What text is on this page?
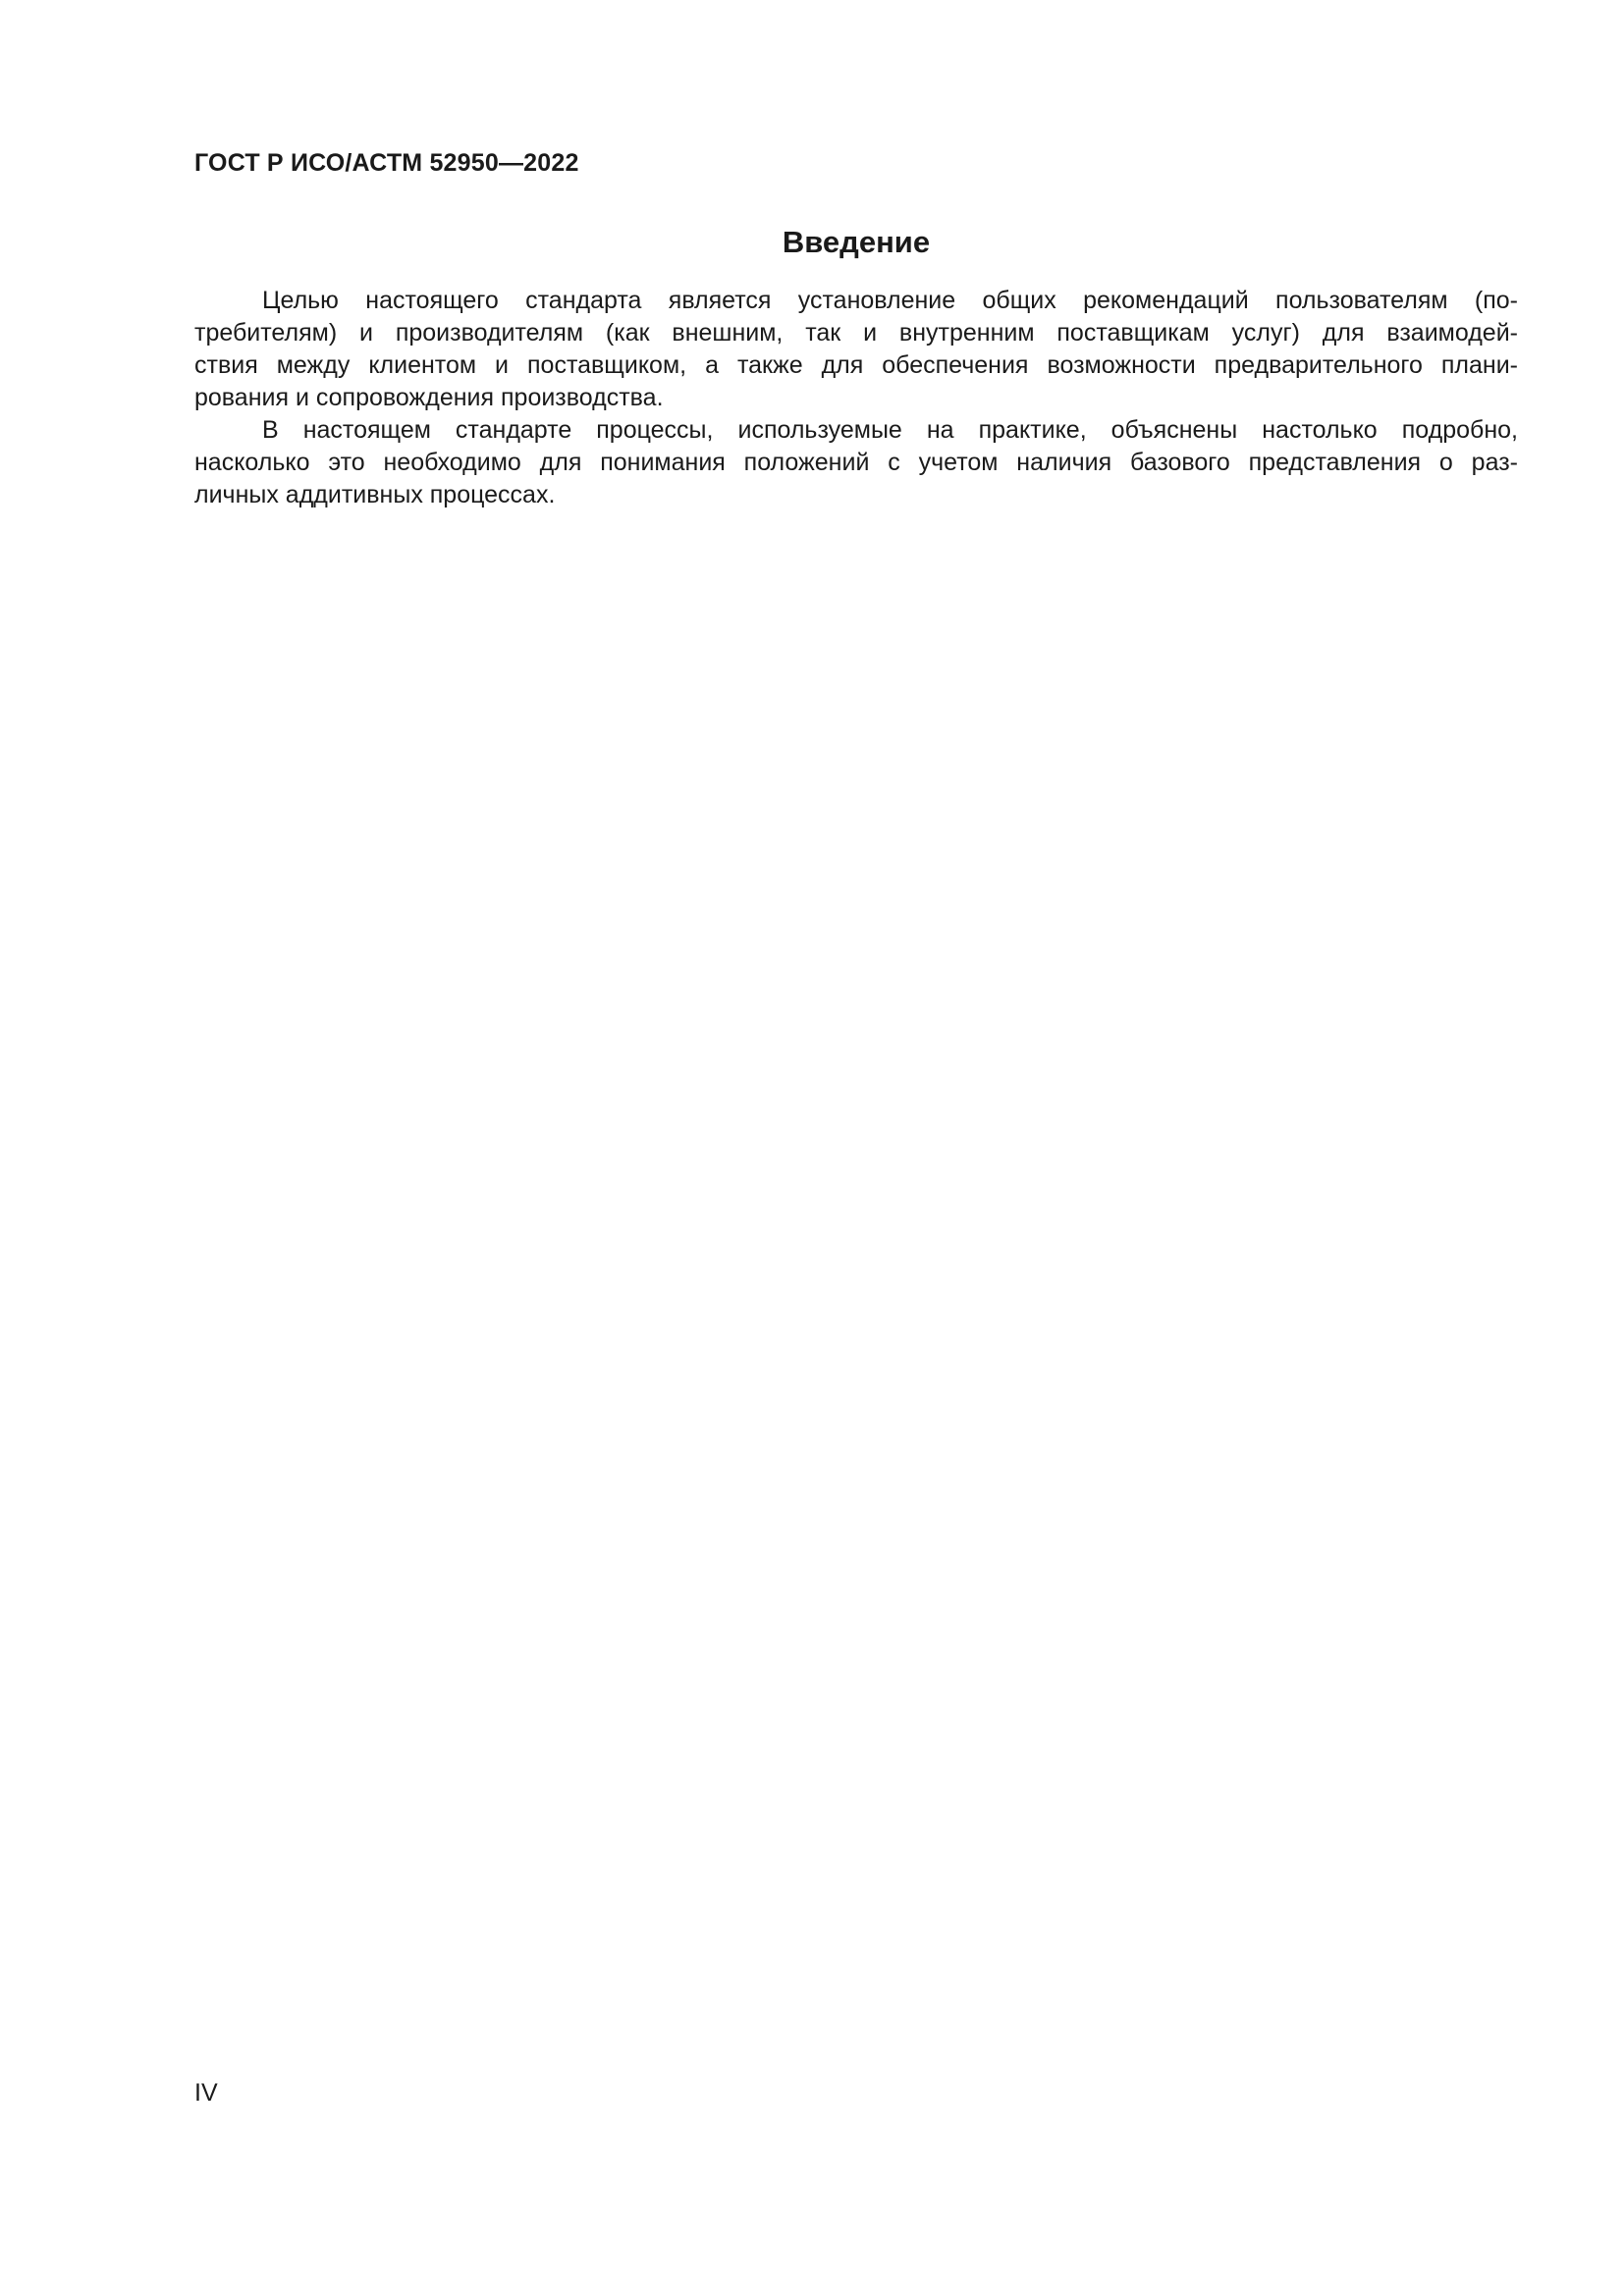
ГОСТ Р ИСО/АСТМ 52950—2022
Введение

Целью настоящего стандарта является установление общих рекомендаций пользователям (по-
требителям) и производителям (как внешним, так и внутренним поставщикам услуг) для взаимодей-
ствия между клиентом и поставщиком, а также для обеспечения возможности предварительного плани-
рования и сопровождения производства.

В настоящем стандарте процессы, используемые на практике, объяснены настолько подробно,
насколько это необходимо для понимания положений с учетом наличия базового представления о раз-
личных аддитивных процессах.

IV
